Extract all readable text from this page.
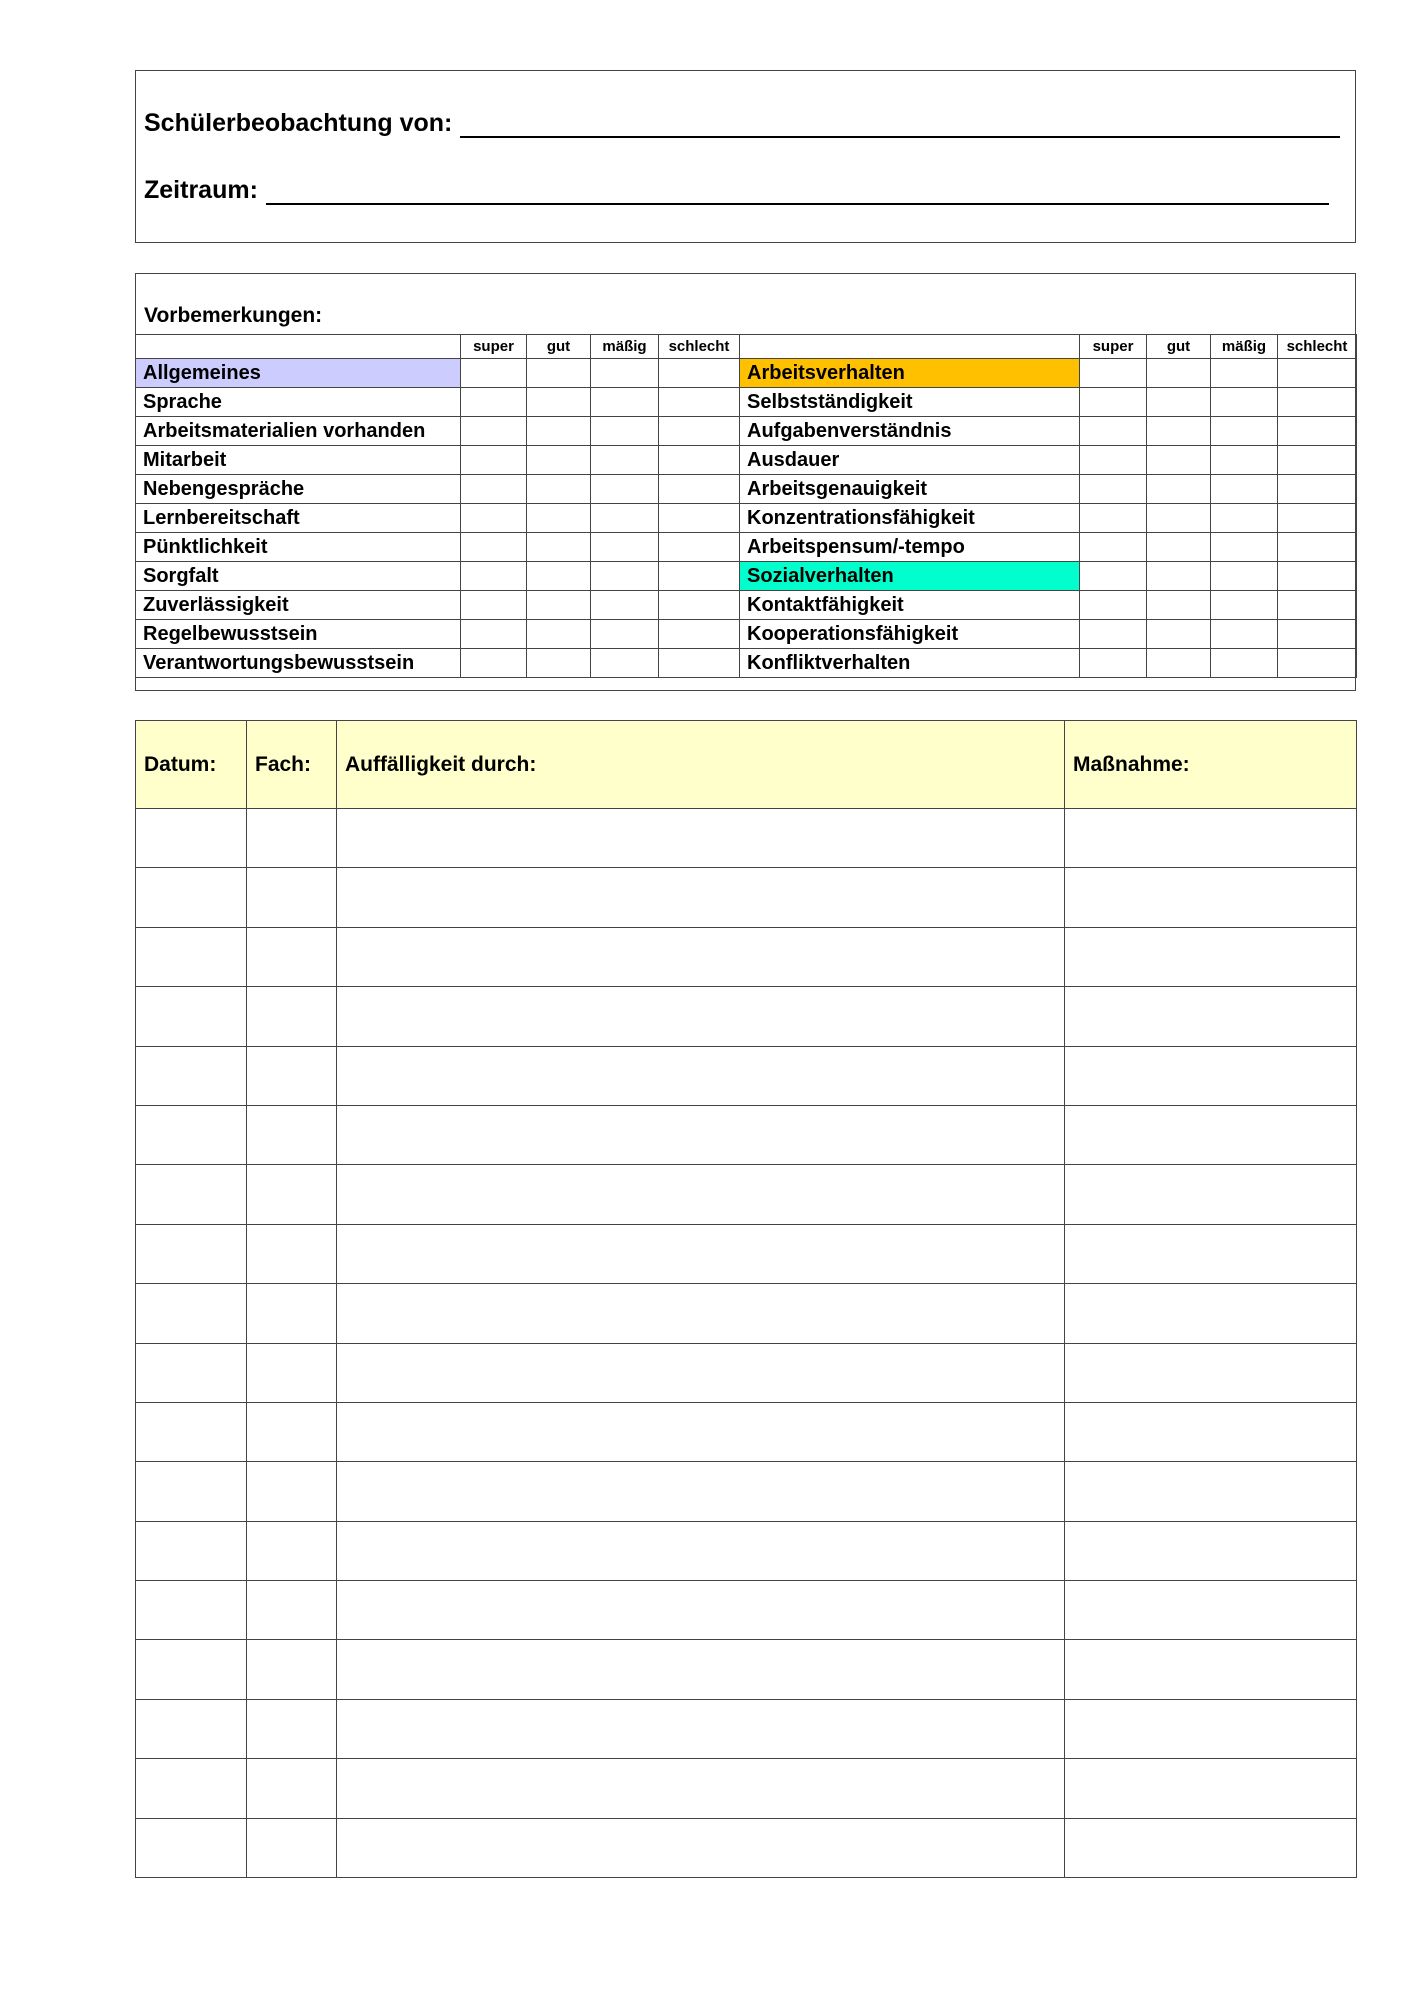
Schülerbeobachtung von:
Zeitraum:
Vorbemerkungen:
	super	gut	mäßig	schlecht		super	gut	mäßig	schlecht
Allgemeines					Arbeitsverhalten				
Sprache					Selbstständigkeit				
Arbeitsmaterialien vorhanden					Aufgabenverständnis				
Mitarbeit					Ausdauer				
Nebengespräche					Arbeitsgenauigkeit				
Lernbereitschaft					Konzentrationsfähigkeit				
Pünktlichkeit					Arbeitspensum/-tempo				
Sorgfalt					Sozialverhalten				
Zuverlässigkeit					Kontaktfähigkeit				
Regelbewusstsein					Kooperationsfähigkeit				
Verantwortungsbewusstsein					Konfliktverhalten				
Datum:	Fach:	Auffälligkeit durch:	Maßnahme:
